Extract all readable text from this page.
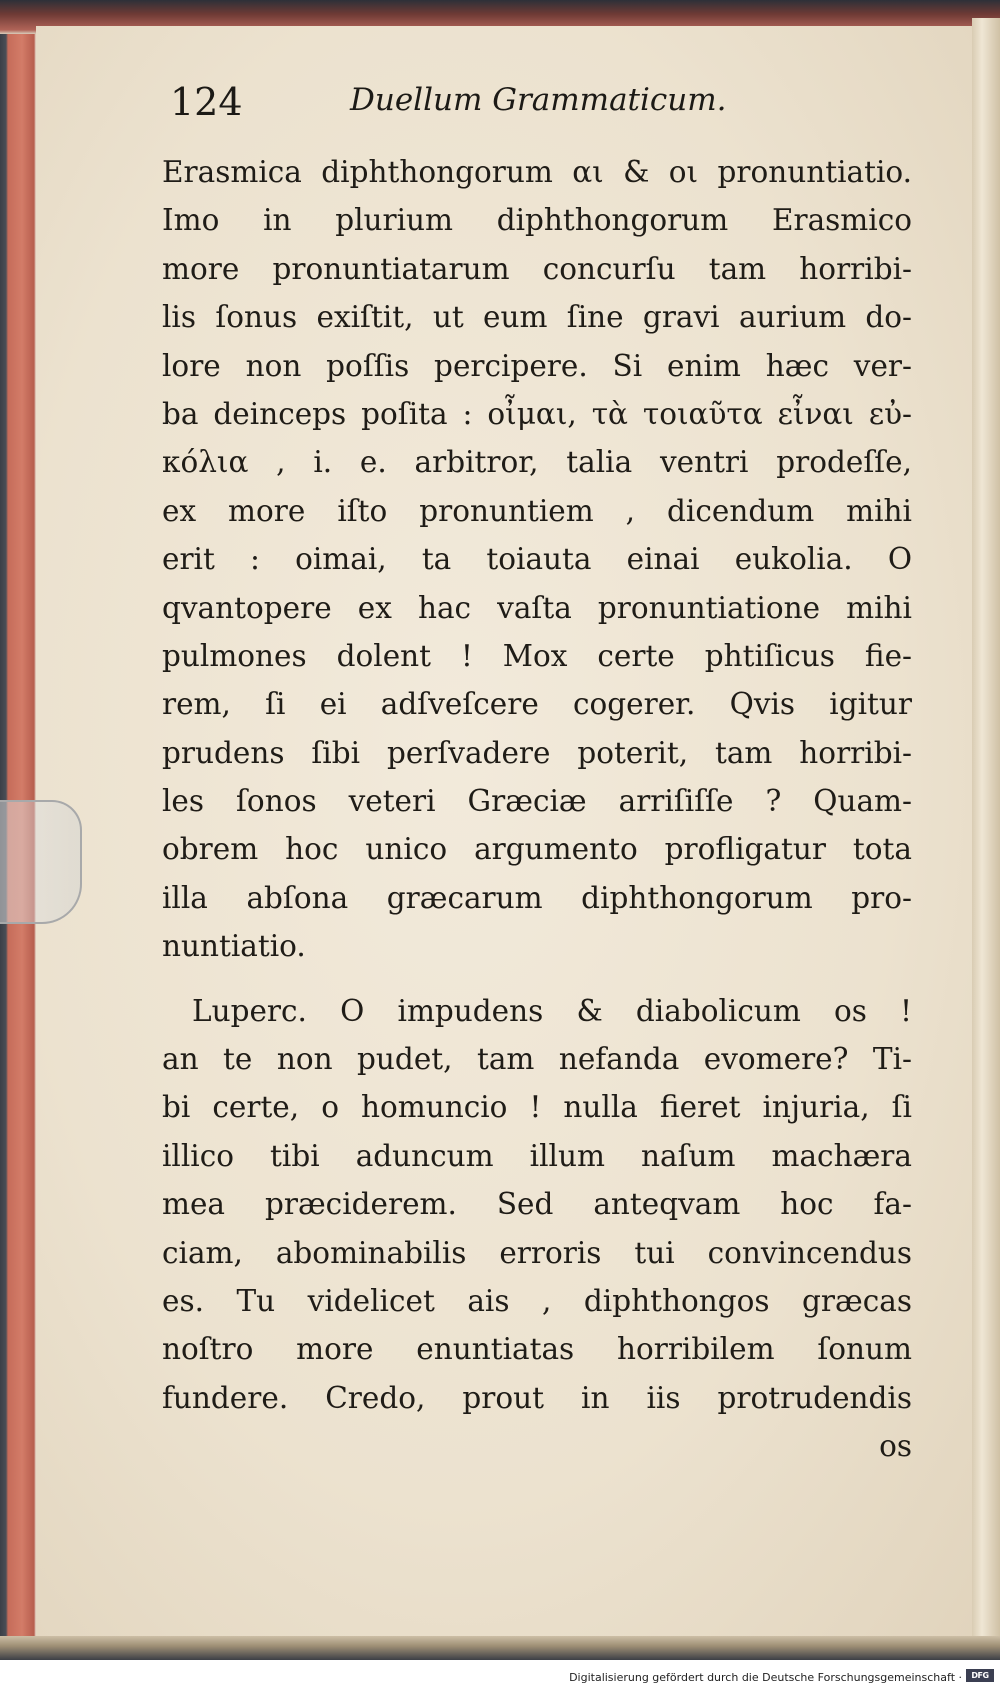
124	Duellum Grammaticum.
Erasmica diphthongorum αι & οι pronuntiatio.
Imo in plurium diphthongorum Erasmico
more pronuntiatarum concurſu tam horribi-
lis ſonus exiſtit, ut eum ſine gravi aurium do-
lore non poſſis percipere. Si enim hæc ver-
ba deinceps poſita : οἶμαι, τὰ τοιαῦτα εἶναι εὐ-
κόλια , i. e. arbitror, talia ventri prodeſſe,
ex more iſto pronuntiem , dicendum mihi
erit : oimai, ta toiauta einai eukolia. O
qvantopere ex hac vaſta pronuntiatione mihi
pulmones dolent ! Mox certe phtiſicus fie-
rem, ſi ei adſveſcere cogerer. Qvis igitur
prudens ſibi perſvadere poterit, tam horribi-
les ſonos veteri Græciæ arriſiſſe ? Quam-
obrem hoc unico argumento profligatur tota
illa abſona græcarum diphthongorum pro-
nuntiatio.
Luperc. O impudens & diabolicum os !
an te non pudet, tam nefanda evomere? Ti-
bi certe, o homuncio ! nulla fieret injuria, ſi
illico tibi aduncum illum naſum machæra
mea præciderem. Sed anteqvam hoc fa-
ciam, abominabilis erroris tui convincendus
es. Tu videlicet ais , diphthongos græcas
noſtro more enuntiatas horribilem ſonum
fundere. Credo, prout in iis protrudendis
os
Digitalisierung gefördert durch die Deutsche Forschungsgemeinschaft ·	DFG
